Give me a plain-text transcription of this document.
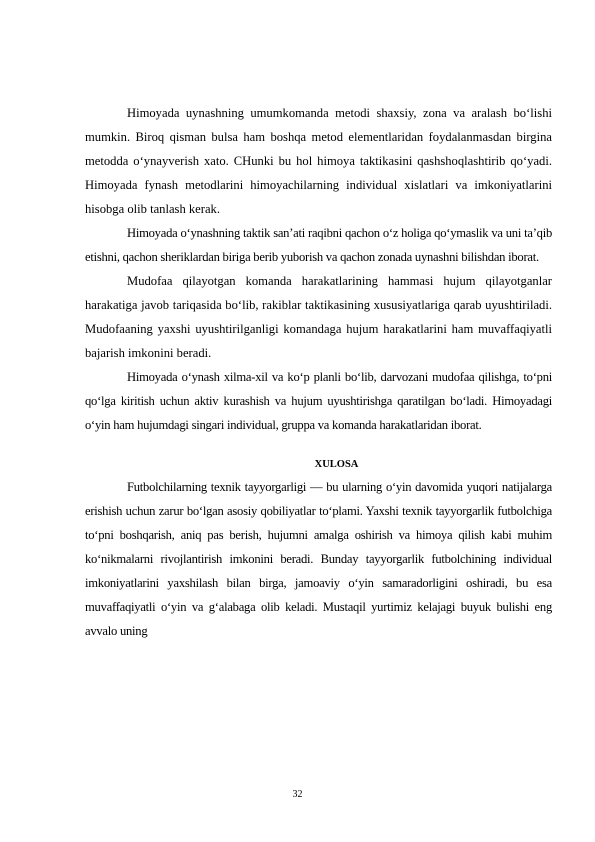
Himoyada uynashning umumkomanda metodi shaxsiy, zona va aralash bo‘lishi mumkin. Biroq qisman bulsa ham boshqa metod elementlaridan foydalanmasdan birgina metodda o‘ynayverish xato. CHunki bu hol himoya taktikasini qashshoqlashtirib qo‘yadi. Himoyada fynash metodlarini himoyachilarning individual xislatlari va imkoniyatlarini hisobga olib tanlash kerak.

Himoyada o‘ynashning taktik san’ati raqibni qachon o‘z holiga qo‘ymaslik va uni ta’qib etishni, qachon sheriklardan biriga berib yuborish va qachon zonada uynashni bilishdan iborat.

Mudofaa qilayotgan komanda harakatlarining hammasi hujum qilayotganlar harakatiga javob tariqasida bo‘lib, rakiblar taktikasining xususiyatlariga qarab uyushtiriladi. Mudofaaning yaxshi uyushtirilganligi komandaga hujum harakatlarini ham muvaffaqiyatli bajarish imkonini beradi.

Himoyada o‘ynash xilma-xil va ko‘p planli bo‘lib, darvozani mudofaa qilishga, to‘pni qo‘lga kiritish uchun aktiv kurashish va hujum uyushtirishga qaratilgan bo‘ladi. Himoyadagi o‘yin ham hujumdagi singari individual, gruppa va komanda harakatlaridan iborat.

XULOSA

Futbolchilarning texnik tayyorgarligi — bu ularning o‘yin davomida yuqori natijalarga erishish uchun zarur bo‘lgan asosiy qobiliyatlar to‘plami. Yaxshi texnik tayyorgarlik futbolchiga to‘pni boshqarish, aniq pas berish, hujumni amalga oshirish va himoya qilish kabi muhim ko‘nikmalarni rivojlantirish imkonini beradi. Bunday tayyorgarlik futbolchining individual imkoniyatlarini yaxshilash bilan birga, jamoaviy o‘yin samaradorligini oshiradi, bu esa muvaffaqiyatli o‘yin va g‘alabaga olib keladi. Mustaqil yurtimiz kelajagi buyuk bulishi eng avvalo uning

32
